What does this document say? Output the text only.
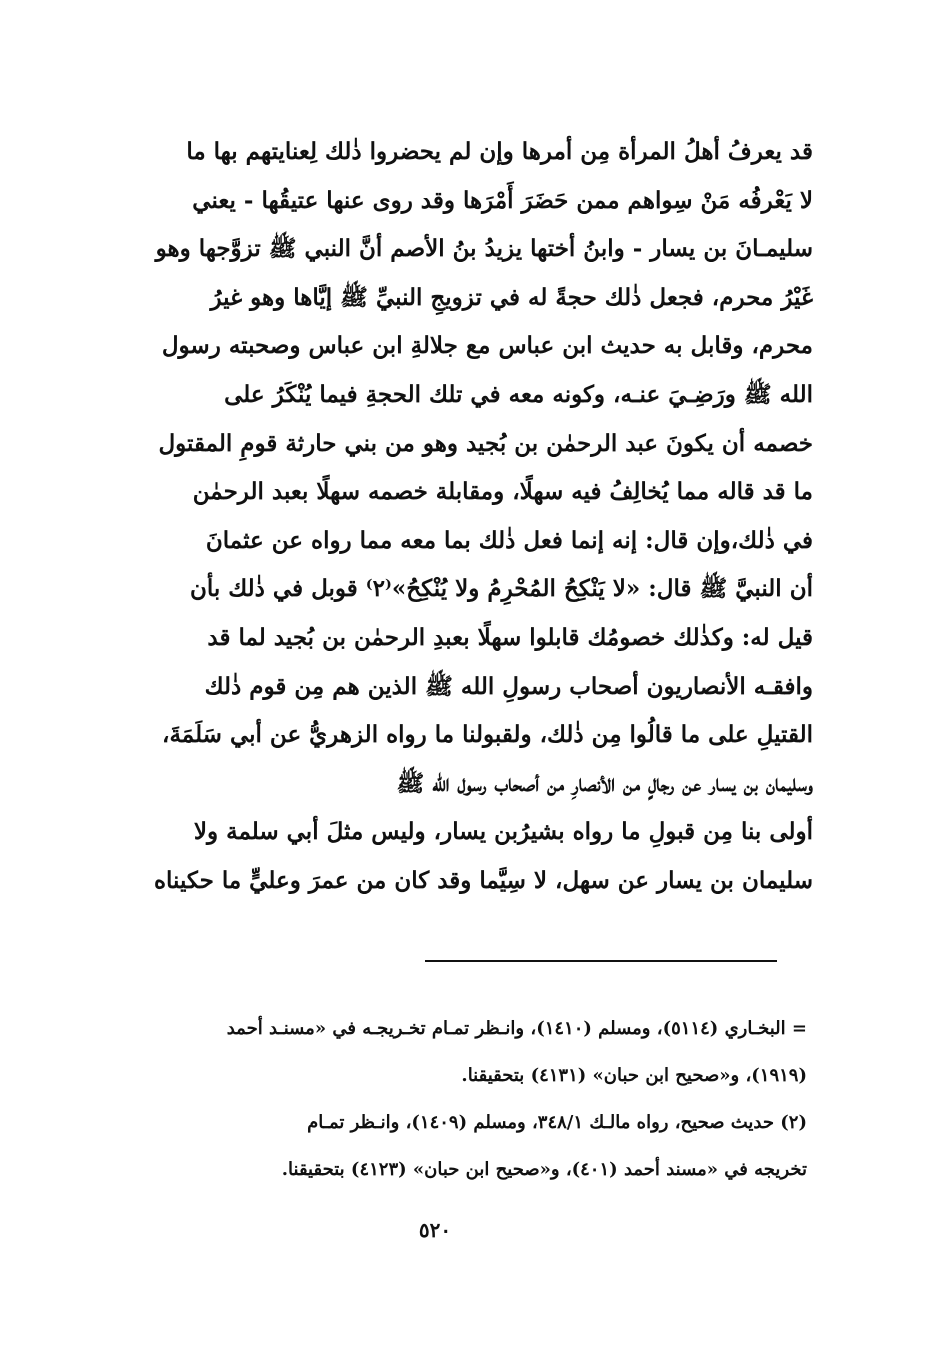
قد يعرفُ أهلُ المرأة مِن أمرها وإن لم يحضروا ذٰلك لِعنايتهم بها ما
لا يَعْرفُه مَنْ سِواهم ممن حَضَرَ أَمْرَها وقد روى عنها عتيقُها - يعني
سليمـانَ بن يسار - وابنُ أختها يزيدُ بنُ الأصم أنَّ النبي ﷺ تزوَّجها وهو
غَيْرُ محرم، فجعل ذٰلك حجةً له في تزويجِ النبيِّ ﷺ إيَّاها وهو غيرُ
محرم، وقابل به حديث ابن عباس مع جلالةِ ابن عباس وصحبته رسول
الله ﷺ ورَضِـيَ عنـه، وكونه معه في تلك الحجةِ فيما يُنْكَرُ على
خصمه أن يكونَ عبد الرحمٰن بن بُجيد وهو من بني حارثة قومِ المقتول
ما قد قاله مما يُخالِفُ فيه سهلًا، ومقابلة خصمه سهلًا بعبد الرحمٰن
في ذٰلك،وإن قال: إنه إنما فعل ذٰلك بما معه مما رواه عن عثمانَ
أن النبيَّ ﷺ قال: «لا يَنْكِحُ المُحْرِمُ ولا يُنْكِحُ»⁽٢⁾ قوبل في ذٰلك بأن
قيل له: وكذٰلك خصومُك قابلوا سهلًا بعبدِ الرحمٰن بن بُجيد لما قد
وافقـه الأنصاريون أصحاب رسولِ الله ﷺ الذين هم مِن قوم ذٰلك
القتيلِ على ما قالُوا مِن ذٰلك، ولقبولنا ما رواه الزهريُّ عن أبي سَلَمَةَ،
وسليمان بن يسار عن رجالٍ من الأنصارِ من أصحاب رسول الله ﷺ
أولى بنا مِن قبولِ ما رواه بشيرُبن يسار، وليس مثلَ أبي سلمة ولا
سليمان بن يسار عن سهل، لا سِيَّما وقد كان من عمرَ وعليٍّ ما حكيناه
= البخـاري (٥١١٤)، ومسلم (١٤١٠)، وانـظر تمـام تخـريجـه في «مسنـد أحمد
(١٩١٩)، و«صحيح ابن حبان» (٤١٣١) بتحقيقنا.
(٢) حديث صحيح، رواه مالـك ٣٤٨/١، ومسلم (١٤٠٩)، وانـظر تمـام
تخريجه في «مسند أحمد (٤٠١)، و«صحيح ابن حبان» (٤١٢٣) بتحقيقنا.
٥٢٠
